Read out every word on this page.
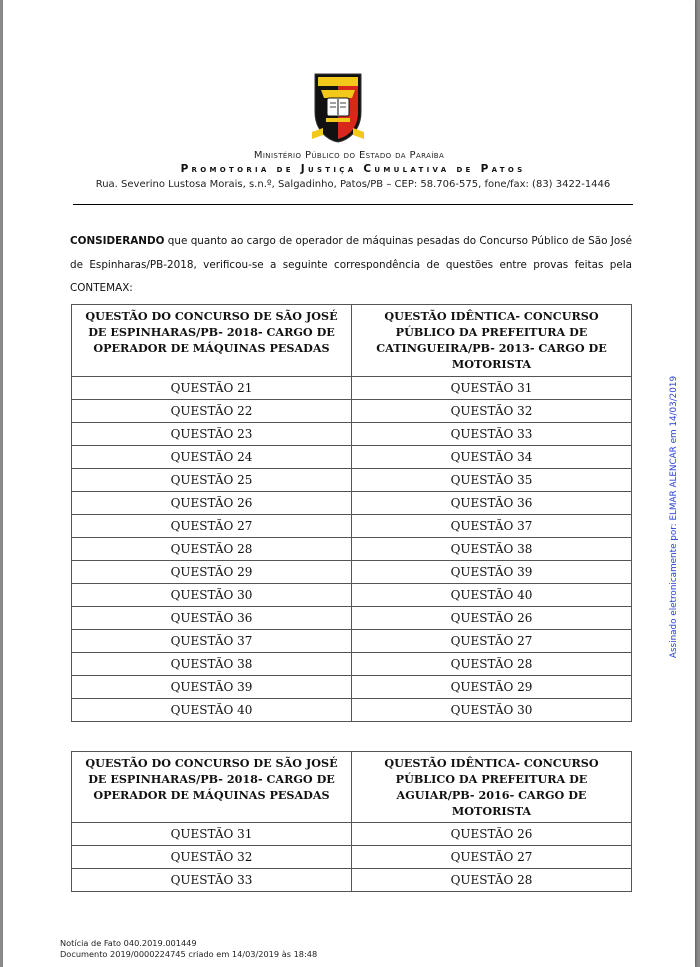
Ministério Público do Estado da Paraíba
Promotoria de Justiça Cumulativa de Patos
Rua. Severino Lustosa Morais, s.n.º, Salgadinho, Patos/PB – CEP: 58.706-575, fone/fax: (83) 3422-1446

CONSIDERANDO que quanto ao cargo de operador de máquinas pesadas do Concurso Público de São José de Espinharas/PB-2018, verificou-se a seguinte correspondência de questões entre provas feitas pela CONTEMAX:

QUESTÃO DO CONCURSO DE SÃO JOSÉ DE ESPINHARAS/PB- 2018- CARGO DE OPERADOR DE MÁQUINAS PESADAS	QUESTÃO IDÊNTICA- CONCURSO PÚBLICO DA PREFEITURA DE CATINGUEIRA/PB- 2013- CARGO DE MOTORISTA
QUESTÃO 21	QUESTÃO 31
QUESTÃO 22	QUESTÃO 32
QUESTÃO 23	QUESTÃO 33
QUESTÃO 24	QUESTÃO 34
QUESTÃO 25	QUESTÃO 35
QUESTÃO 26	QUESTÃO 36
QUESTÃO 27	QUESTÃO 37
QUESTÃO 28	QUESTÃO 38
QUESTÃO 29	QUESTÃO 39
QUESTÃO 30	QUESTÃO 40
QUESTÃO 36	QUESTÃO 26
QUESTÃO 37	QUESTÃO 27
QUESTÃO 38	QUESTÃO 28
QUESTÃO 39	QUESTÃO 29
QUESTÃO 40	QUESTÃO 30
QUESTÃO DO CONCURSO DE SÃO JOSÉ DE ESPINHARAS/PB- 2018- CARGO DE OPERADOR DE MÁQUINAS PESADAS	QUESTÃO IDÊNTICA- CONCURSO PÚBLICO DA PREFEITURA DE AGUIAR/PB- 2016- CARGO DE MOTORISTA
QUESTÃO 31	QUESTÃO 26
QUESTÃO 32	QUESTÃO 27
QUESTÃO 33	QUESTÃO 28
Assinado eletronicamente por: ELMAR ALENCAR em 14/03/2019
Notícia de Fato 040.2019.001449
Documento 2019/0000224745 criado em 14/03/2019 às 18:48
